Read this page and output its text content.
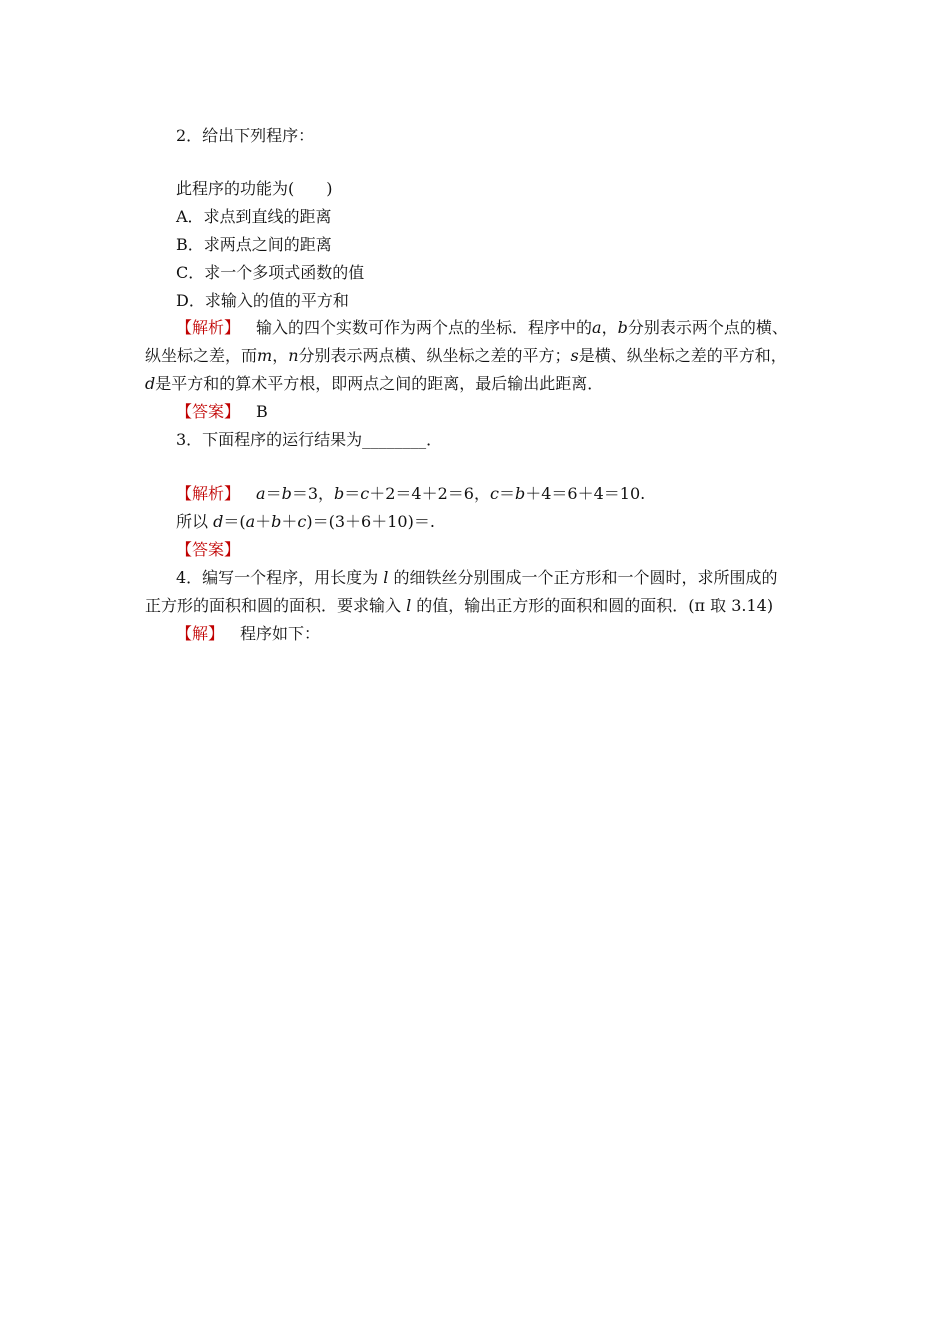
2．给出下列程序：
此程序的功能为(　　)
A．求点到直线的距离
B．求两点之间的距离
C．求一个多项式函数的值
D．求输入的值的平方和
【解析】 输入的四个实数可作为两个点的坐标．程序中的a，b分别表示两个点的横、
纵坐标之差，而m，n分别表示两点横、纵坐标之差的平方；s是横、纵坐标之差的平方和，
d是平方和的算术平方根，即两点之间的距离，最后输出此距离．
【答案】 B
3．下面程序的运行结果为________．
【解析】 a＝b＝3，b＝c＋2＝4＋2＝6，c＝b＋4＝6＋4＝10.
所以 d＝(a＋b＋c)＝(3＋6＋10)＝.
【答案】
4．编写一个程序，用长度为 l 的细铁丝分别围成一个正方形和一个圆时，求所围成的
正方形的面积和圆的面积．要求输入 l 的值，输出正方形的面积和圆的面积．(π 取 3.14)
【解】 程序如下：
